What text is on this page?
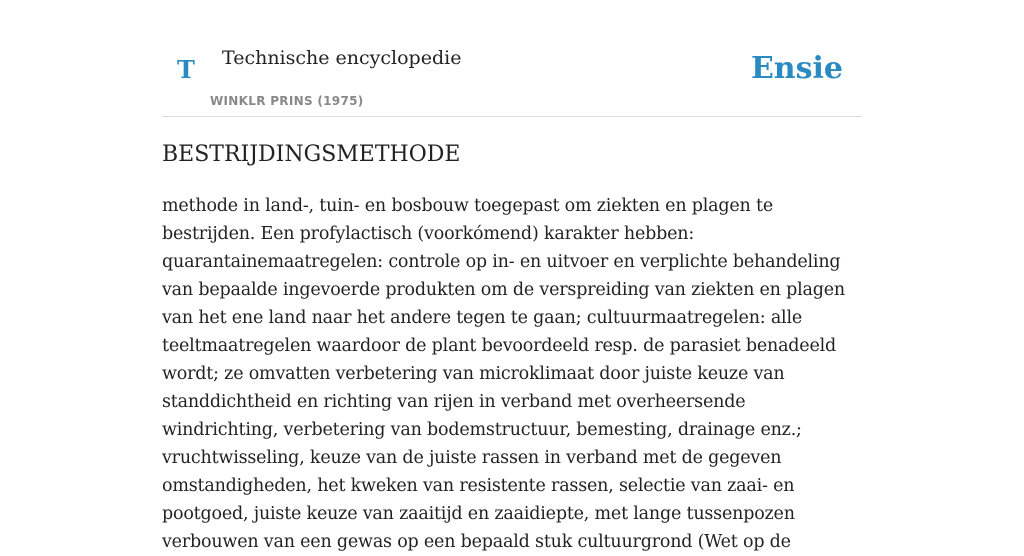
T Technische encyclopedie
WINKLR PRINS (1975)
Ensie
BESTRIJDINGSMETHODE

methode in land-, tuin- en bosbouw toegepast om ziekten en plagen te bestrijden. Een profylactisch (voorkómend) karakter hebben: quarantainemaatregelen: controle op in- en uitvoer en verplichte behandeling van bepaalde ingevoerde produkten om de verspreiding van ziekten en plagen van het ene land naar het andere tegen te gaan; cultuurmaatregelen: alle teeltmaatregelen waardoor de plant bevoordeeld resp. de parasiet benadeeld wordt; ze omvatten verbetering van microklimaat door juiste keuze van standdichtheid en richting van rijen in verband met overheersende windrichting, verbetering van bodemstructuur, bemesting, drainage enz.; vruchtwisseling, keuze van de juiste rassen in verband met de gegeven omstandigheden, het kweken van resistente rassen, selectie van zaai- en pootgoed, juiste keuze van zaaitijd en zaaidiepte, met lange tussenpozen verbouwen van een gewas op een bepaald stuk cultuurgrond (Wet op de
